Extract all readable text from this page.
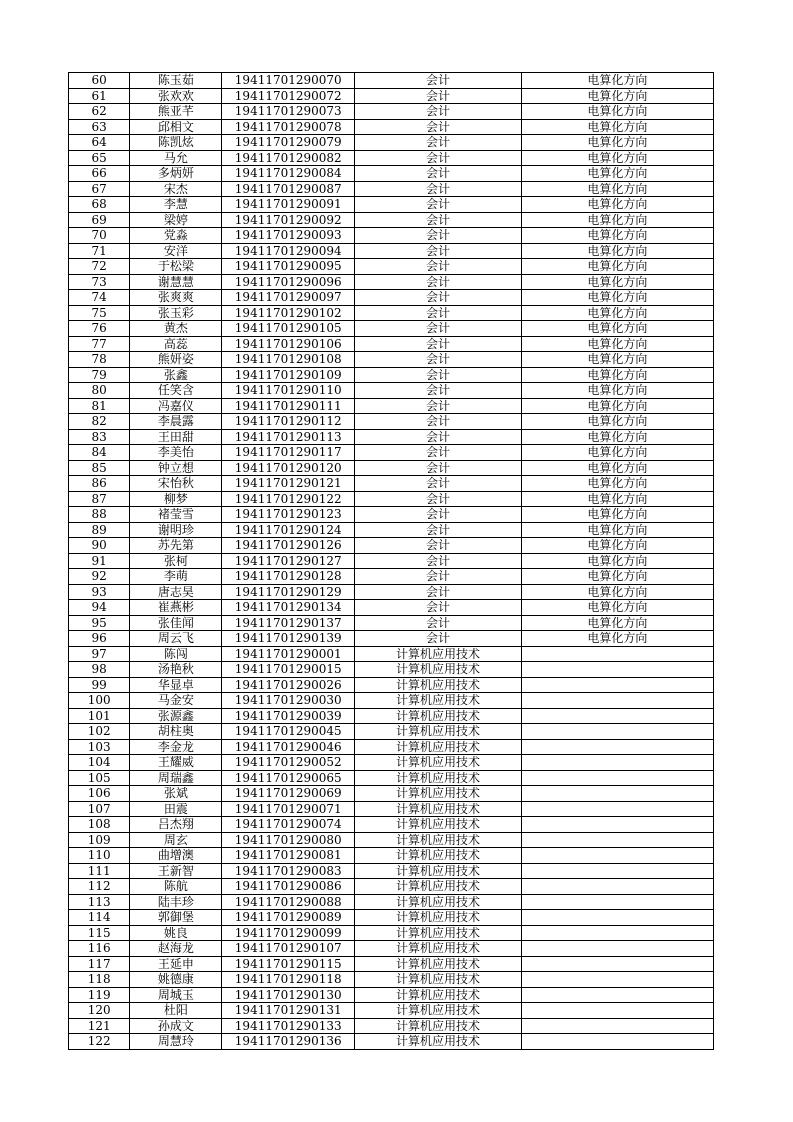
60	陈玉茹	19411701290070	会计	电算化方向
61	张欢欢	19411701290072	会计	电算化方向
62	熊亚芊	19411701290073	会计	电算化方向
63	邱相文	19411701290078	会计	电算化方向
64	陈凯炫	19411701290079	会计	电算化方向
65	马允	19411701290082	会计	电算化方向
66	多炳妍	19411701290084	会计	电算化方向
67	宋杰	19411701290087	会计	电算化方向
68	李慧	19411701290091	会计	电算化方向
69	梁婷	19411701290092	会计	电算化方向
70	党淼	19411701290093	会计	电算化方向
71	安洋	19411701290094	会计	电算化方向
72	于松梁	19411701290095	会计	电算化方向
73	谢慧慧	19411701290096	会计	电算化方向
74	张爽爽	19411701290097	会计	电算化方向
75	张玉彩	19411701290102	会计	电算化方向
76	黄杰	19411701290105	会计	电算化方向
77	高蕊	19411701290106	会计	电算化方向
78	熊妍姿	19411701290108	会计	电算化方向
79	张鑫	19411701290109	会计	电算化方向
80	任笑含	19411701290110	会计	电算化方向
81	冯嘉仪	19411701290111	会计	电算化方向
82	李晨露	19411701290112	会计	电算化方向
83	王田甜	19411701290113	会计	电算化方向
84	李美怡	19411701290117	会计	电算化方向
85	钟立想	19411701290120	会计	电算化方向
86	宋怡秋	19411701290121	会计	电算化方向
87	柳梦	19411701290122	会计	电算化方向
88	褚莹雪	19411701290123	会计	电算化方向
89	谢明珍	19411701290124	会计	电算化方向
90	苏先第	19411701290126	会计	电算化方向
91	张柯	19411701290127	会计	电算化方向
92	李萌	19411701290128	会计	电算化方向
93	唐志昊	19411701290129	会计	电算化方向
94	崔燕彬	19411701290134	会计	电算化方向
95	张佳闻	19411701290137	会计	电算化方向
96	周云飞	19411701290139	会计	电算化方向
97	陈闯	19411701290001	计算机应用技术	
98	汤艳秋	19411701290015	计算机应用技术	
99	华显卓	19411701290026	计算机应用技术	
100	马金安	19411701290030	计算机应用技术	
101	张源鑫	19411701290039	计算机应用技术	
102	胡柱奥	19411701290045	计算机应用技术	
103	李金龙	19411701290046	计算机应用技术	
104	王耀威	19411701290052	计算机应用技术	
105	周瑞鑫	19411701290065	计算机应用技术	
106	张斌	19411701290069	计算机应用技术	
107	田震	19411701290071	计算机应用技术	
108	吕杰翔	19411701290074	计算机应用技术	
109	周玄	19411701290080	计算机应用技术	
110	曲增澳	19411701290081	计算机应用技术	
111	王新智	19411701290083	计算机应用技术	
112	陈航	19411701290086	计算机应用技术	
113	陆丰珍	19411701290088	计算机应用技术	
114	郭御堡	19411701290089	计算机应用技术	
115	姚良	19411701290099	计算机应用技术	
116	赵海龙	19411701290107	计算机应用技术	
117	王延申	19411701290115	计算机应用技术	
118	姚德康	19411701290118	计算机应用技术	
119	周城玉	19411701290130	计算机应用技术	
120	杜阳	19411701290131	计算机应用技术	
121	孙成文	19411701290133	计算机应用技术	
122	周慧玲	19411701290136	计算机应用技术	
